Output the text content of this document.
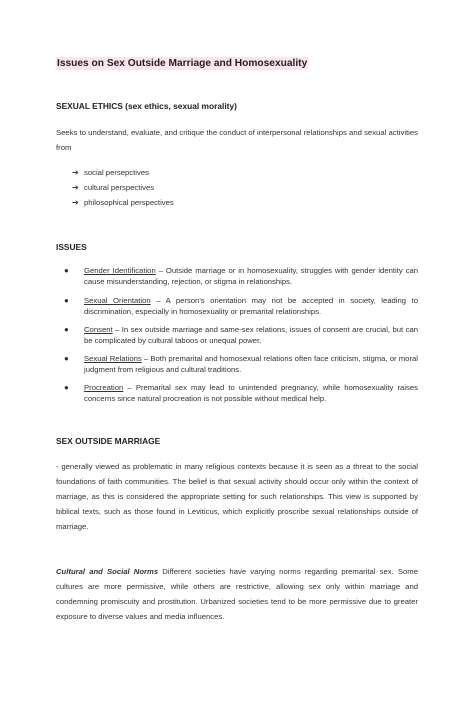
Issues on Sex Outside Marriage and Homosexuality
SEXUAL ETHICS (sex ethics, sexual morality)
Seeks to understand, evaluate, and critique the conduct of interpersonal relationships and sexual activities from
➔ social persepctives
➔ cultural perspectives
➔ philosophical perspectives
ISSUES
● Gender Identification – Outside marriage or in homosexuality, struggles with gender identity can cause misunderstanding, rejection, or stigma in relationships.
● Sexual Orientation – A person's orientation may not be accepted in society, leading to discrimination, especially in homosexuality or premarital relationships.
● Consent – In sex outside marriage and same-sex relations, issues of consent are crucial, but can be complicated by cultural taboos or unequal power.
● Sexual Relations – Both premarital and homosexual relations often face criticism, stigma, or moral judgment from religious and cultural traditions.
● Procreation – Premarital sex may lead to unintended pregnancy, while homosexuality raises concerns since natural procreation is not possible without medical help.
SEX OUTSIDE MARRIAGE
- generally viewed as problematic in many religious contexts because it is seen as a threat to the social foundations of faith communities. The belief is that sexual activity should occur only within the context of marriage, as this is considered the appropriate setting for such relationships. This view is supported by biblical texts, such as those found in Leviticus, which explicitly proscribe sexual relationships outside of marriage.
Cultural and Social Norms Different societies have varying norms regarding premarital sex. Some cultures are more permissive, while others are restrictive, allowing sex only within marriage and condemning promiscuity and prostitution. Urbanized societies tend to be more permissive due to greater exposure to diverse values and media influences.
